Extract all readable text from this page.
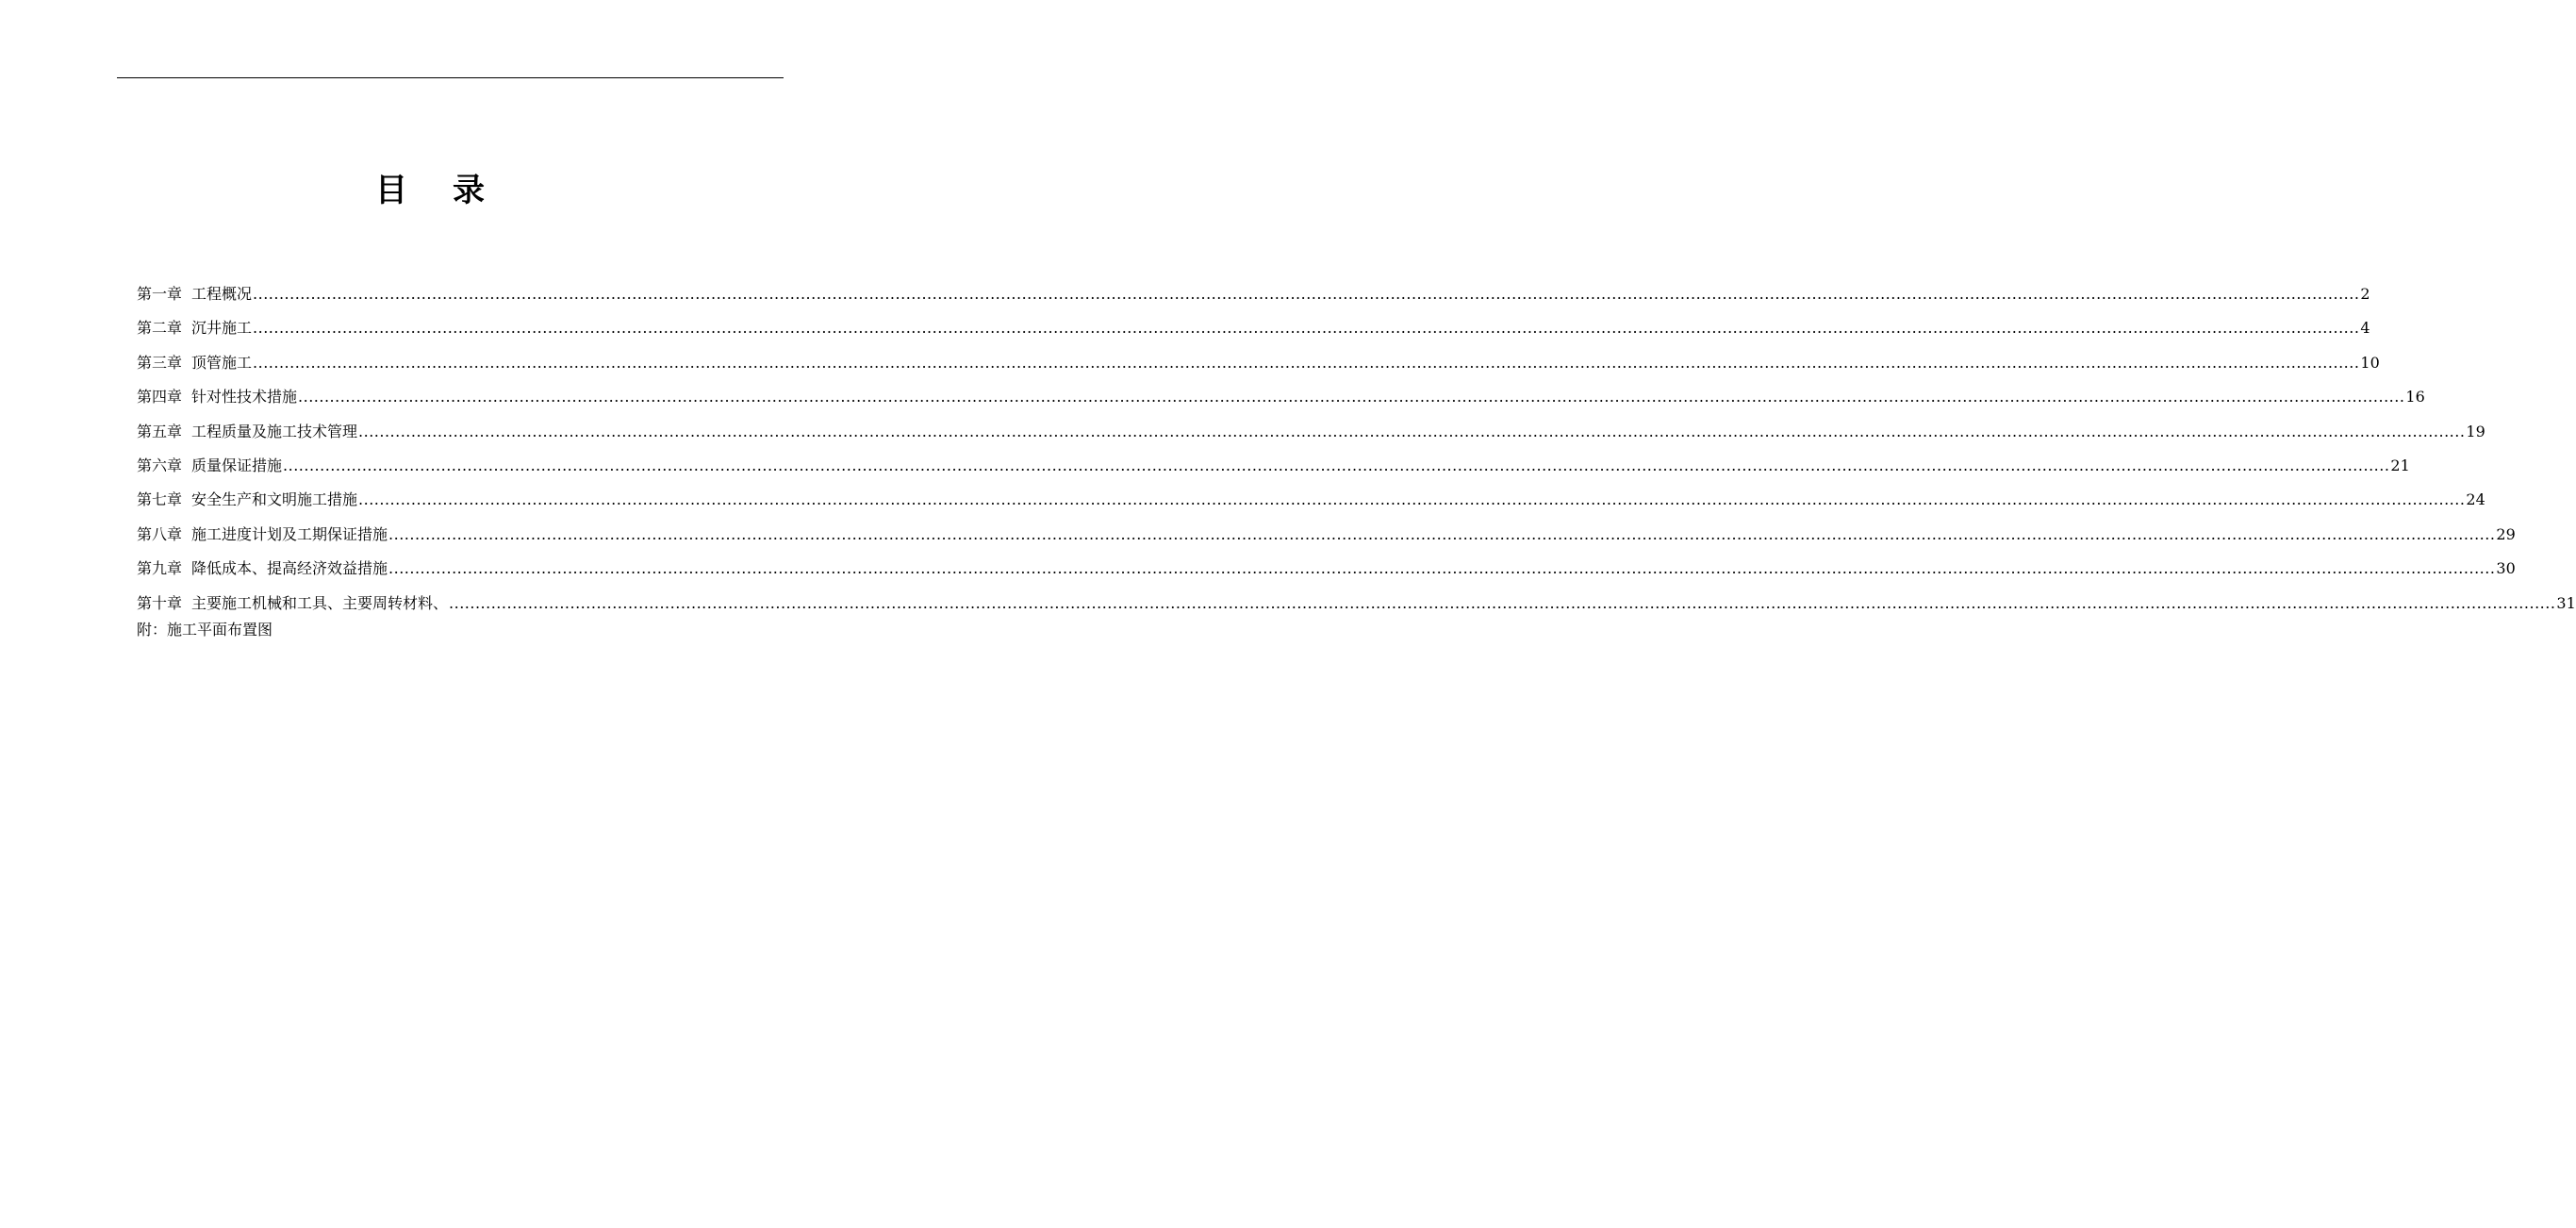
目录
第一章 工程概况 ................................................................................................................................................................................................................................................................................................................................................................................................................ 2
第二章 沉井施工 ................................................................................................................................................................................................................................................................................................................................................................................................................ 4
第三章 顶管施工 ................................................................................................................................................................................................................................................................................................................................................................................................................ 10
第四章 针对性技术措施 ................................................................................................................................................................................................................................................................................................................................................................................................................ 16
第五章 工程质量及施工技术管理 ................................................................................................................................................................................................................................................................................................................................................................................................................ 19
第六章 质量保证措施 ................................................................................................................................................................................................................................................................................................................................................................................................................ 21
第七章 安全生产和文明施工措施 ................................................................................................................................................................................................................................................................................................................................................................................................................ 24
第八章 施工进度计划及工期保证措施 ................................................................................................................................................................................................................................................................................................................................................................................................................ 29
第九章 降低成本、提高经济效益措施 ................................................................................................................................................................................................................................................................................................................................................................................................................ 30
第十章 主要施工机械和工具、主要周转材料、 ................................................................................................................................................................................................................................................................................................................................................................................................................ 31
附：施工平面布置图
